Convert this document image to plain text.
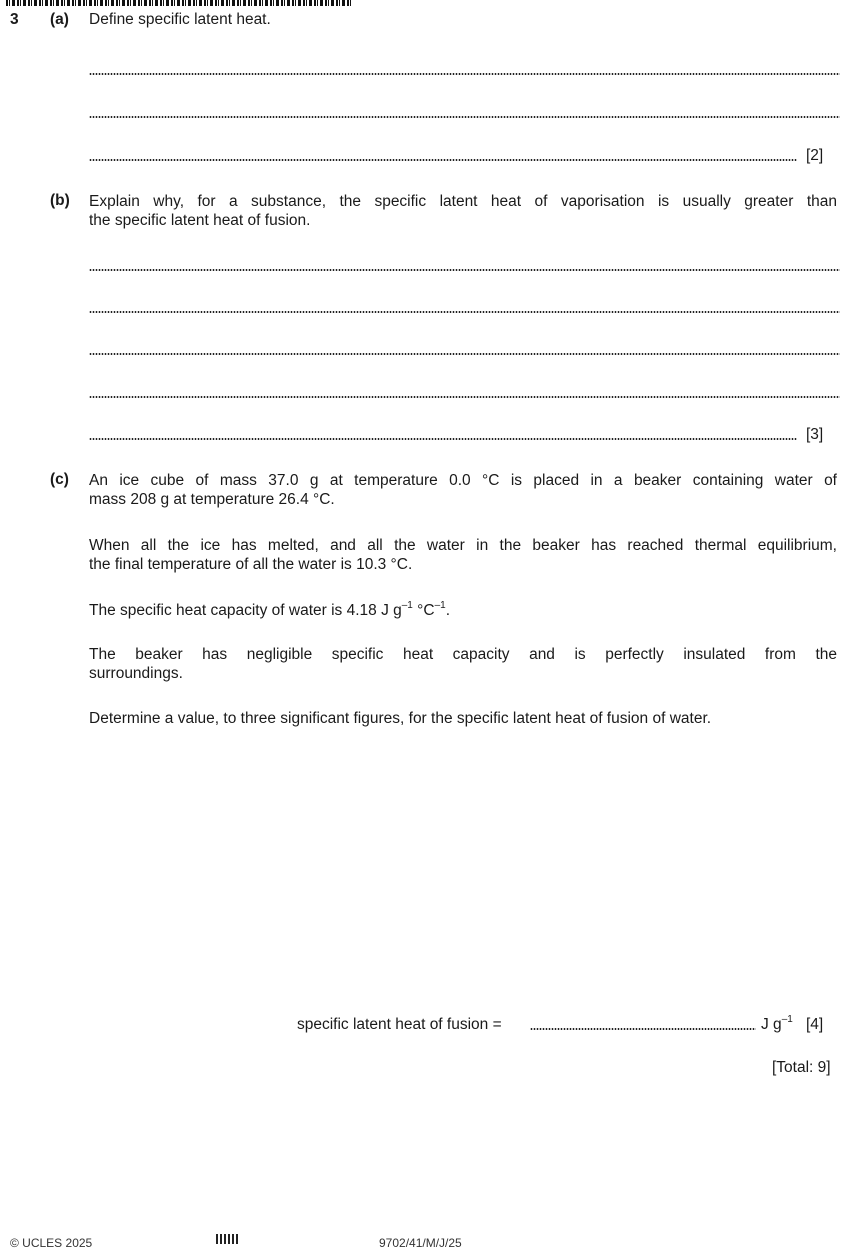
3 (a) Define specific latent heat.
[2]
(b) Explain why, for a substance, the specific latent heat of vaporisation is usually greater than
the specific latent heat of fusion.
[3]
(c) An ice cube of mass 37.0 g at temperature 0.0 °C is placed in a beaker containing water of
mass 208 g at temperature 26.4 °C.
When all the ice has melted, and all the water in the beaker has reached thermal equilibrium,
the final temperature of all the water is 10.3 °C.
The specific heat capacity of water is 4.18 J $g^{-1}$ $^\circ C^{-1}$.
The beaker has negligible specific heat capacity and is perfectly insulated from the
surroundings.
Determine a value, to three significant figures, for the specific latent heat of fusion of water.
specific latent heat of fusion =	J $g^{-1}$ [4]
[Total: 9]
© UCLES 2025	9702/41/M/J/25
